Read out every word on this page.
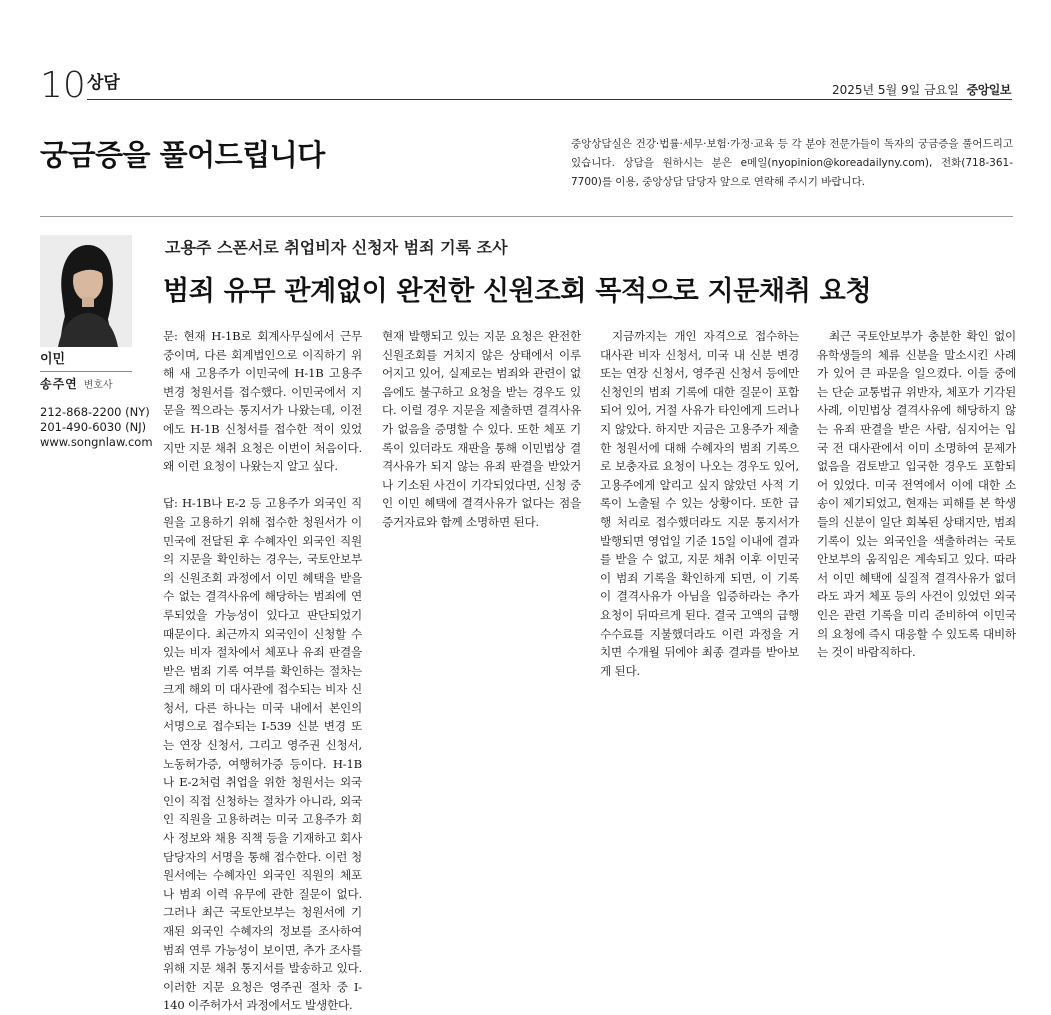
10 상담	2025년 5월 9일 금요일 중앙일보
궁금증을 풀어드립니다	중앙상담실은 건강·법률·세무·보험·가정·교육 등 각 분야 전문가들이 독자의 궁금증을 풀어드리고 있습니다. 상담을 원하시는 분은 e메일(nyopinion@koreadailyny.com), 전화(718-361-7700)를 이용, 중앙상담 담당자 앞으로 연락해 주시기 바랍니다.
이민
송주연 변호사
212-868-2200 (NY)
201-490-6030 (NJ)
www.songnlaw.com
고용주 스폰서로 취업비자 신청자 범죄 기록 조사
범죄 유무 관계없이 완전한 신원조회 목적으로 지문채취 요청

문: 현재 H-1B로 회계사무실에서 근무 중이며, 다른 회계법인으로 이직하기 위해 새 고용주가 이민국에 H-1B 고용주 변경 청원서를 접수했다. 이민국에서 지문을 찍으라는 통지서가 나왔는데, 이전에도 H-1B 신청서를 접수한 적이 있었지만 지문 채취 요청은 이번이 처음이다. 왜 이런 요청이 나왔는지 알고 싶다.

답: H-1B나 E-2 등 고용주가 외국인 직원을 고용하기 위해 접수한 청원서가 이민국에 전달된 후 수혜자인 외국인 직원의 지문을 확인하는 경우는, 국토안보부의 신원조회 과정에서 이민 혜택을 받을 수 없는 결격사유에 해당하는 범죄에 연루되었을 가능성이 있다고 판단되었기 때문이다. 최근까지 외국인이 신청할 수 있는 비자 절차에서 체포나 유죄 판결을 받은 범죄 기록 여부를 확인하는 절차는 크게 해외 미 대사관에 접수되는 비자 신청서, 다른 하나는 미국 내에서 본인의 서명으로 접수되는 I-539 신분 변경 또는 연장 신청서, 그리고 영주권 신청서, 노동허가증, 여행허가증 등이다. H-1B나 E-2처럼 취업을 위한 청원서는 외국인이 직접 신청하는 절차가 아니라, 외국인 직원을 고용하려는 미국 고용주가 회사 정보와 채용 직책 등을 기재하고 회사 담당자의 서명을 통해 접수한다. 이런 청원서에는 수혜자인 외국인 직원의 체포나 범죄 이력 유무에 관한 질문이 없다. 그러나 최근 국토안보부는 청원서에 기재된 외국인 수혜자의 정보를 조사하여 범죄 연루 가능성이 보이면, 추가 조사를 위해 지문 채취 통지서를 발송하고 있다. 이러한 지문 요청은 영주권 절차 중 I-140 이주허가서 과정에서도 발생한다.

현재 발행되고 있는 지문 요청은 완전한 신원조회를 거치지 않은 상태에서 이루어지고 있어, 실제로는 범죄와 관련이 없음에도 불구하고 요청을 받는 경우도 있다. 이럴 경우 지문을 제출하면 결격사유가 없음을 증명할 수 있다. 또한 체포 기록이 있더라도 재판을 통해 이민법상 결격사유가 되지 않는 유죄 판결을 받았거나 기소된 사건이 기각되었다면, 신청 중인 이민 혜택에 결격사유가 없다는 점을 증거자료와 함께 소명하면 된다.

지금까지는 개인 자격으로 접수하는 대사관 비자 신청서, 미국 내 신분 변경 또는 연장 신청서, 영주권 신청서 등에만 신청인의 범죄 기록에 대한 질문이 포함되어 있어, 거절 사유가 타인에게 드러나지 않았다. 하지만 지금은 고용주가 제출한 청원서에 대해 수혜자의 범죄 기록으로 보충자료 요청이 나오는 경우도 있어, 고용주에게 알리고 싶지 않았던 사적 기록이 노출될 수 있는 상황이다. 또한 급행 처리로 접수했더라도 지문 통지서가 발행되면 영업일 기준 15일 이내에 결과를 받을 수 없고, 지문 채취 이후 이민국이 범죄 기록을 확인하게 되면, 이 기록이 결격사유가 아님을 입증하라는 추가 요청이 뒤따르게 된다. 결국 고액의 급행 수수료를 지불했더라도 이런 과정을 거치면 수개월 뒤에야 최종 결과를 받아보게 된다.

최근 국토안보부가 충분한 확인 없이 유학생들의 체류 신분을 말소시킨 사례가 있어 큰 파문을 일으켰다. 이들 중에는 단순 교통법규 위반자, 체포가 기각된 사례, 이민법상 결격사유에 해당하지 않는 유죄 판결을 받은 사람, 심지어는 입국 전 대사관에서 이미 소명하여 문제가 없음을 검토받고 입국한 경우도 포함되어 있었다. 미국 전역에서 이에 대한 소송이 제기되었고, 현재는 피해를 본 학생들의 신분이 일단 회복된 상태지만, 범죄 기록이 있는 외국인을 색출하려는 국토안보부의 움직임은 계속되고 있다. 따라서 이민 혜택에 실질적 결격사유가 없더라도 과거 체포 등의 사건이 있었던 외국인은 관련 기록을 미리 준비하여 이민국의 요청에 즉시 대응할 수 있도록 대비하는 것이 바람직하다.
